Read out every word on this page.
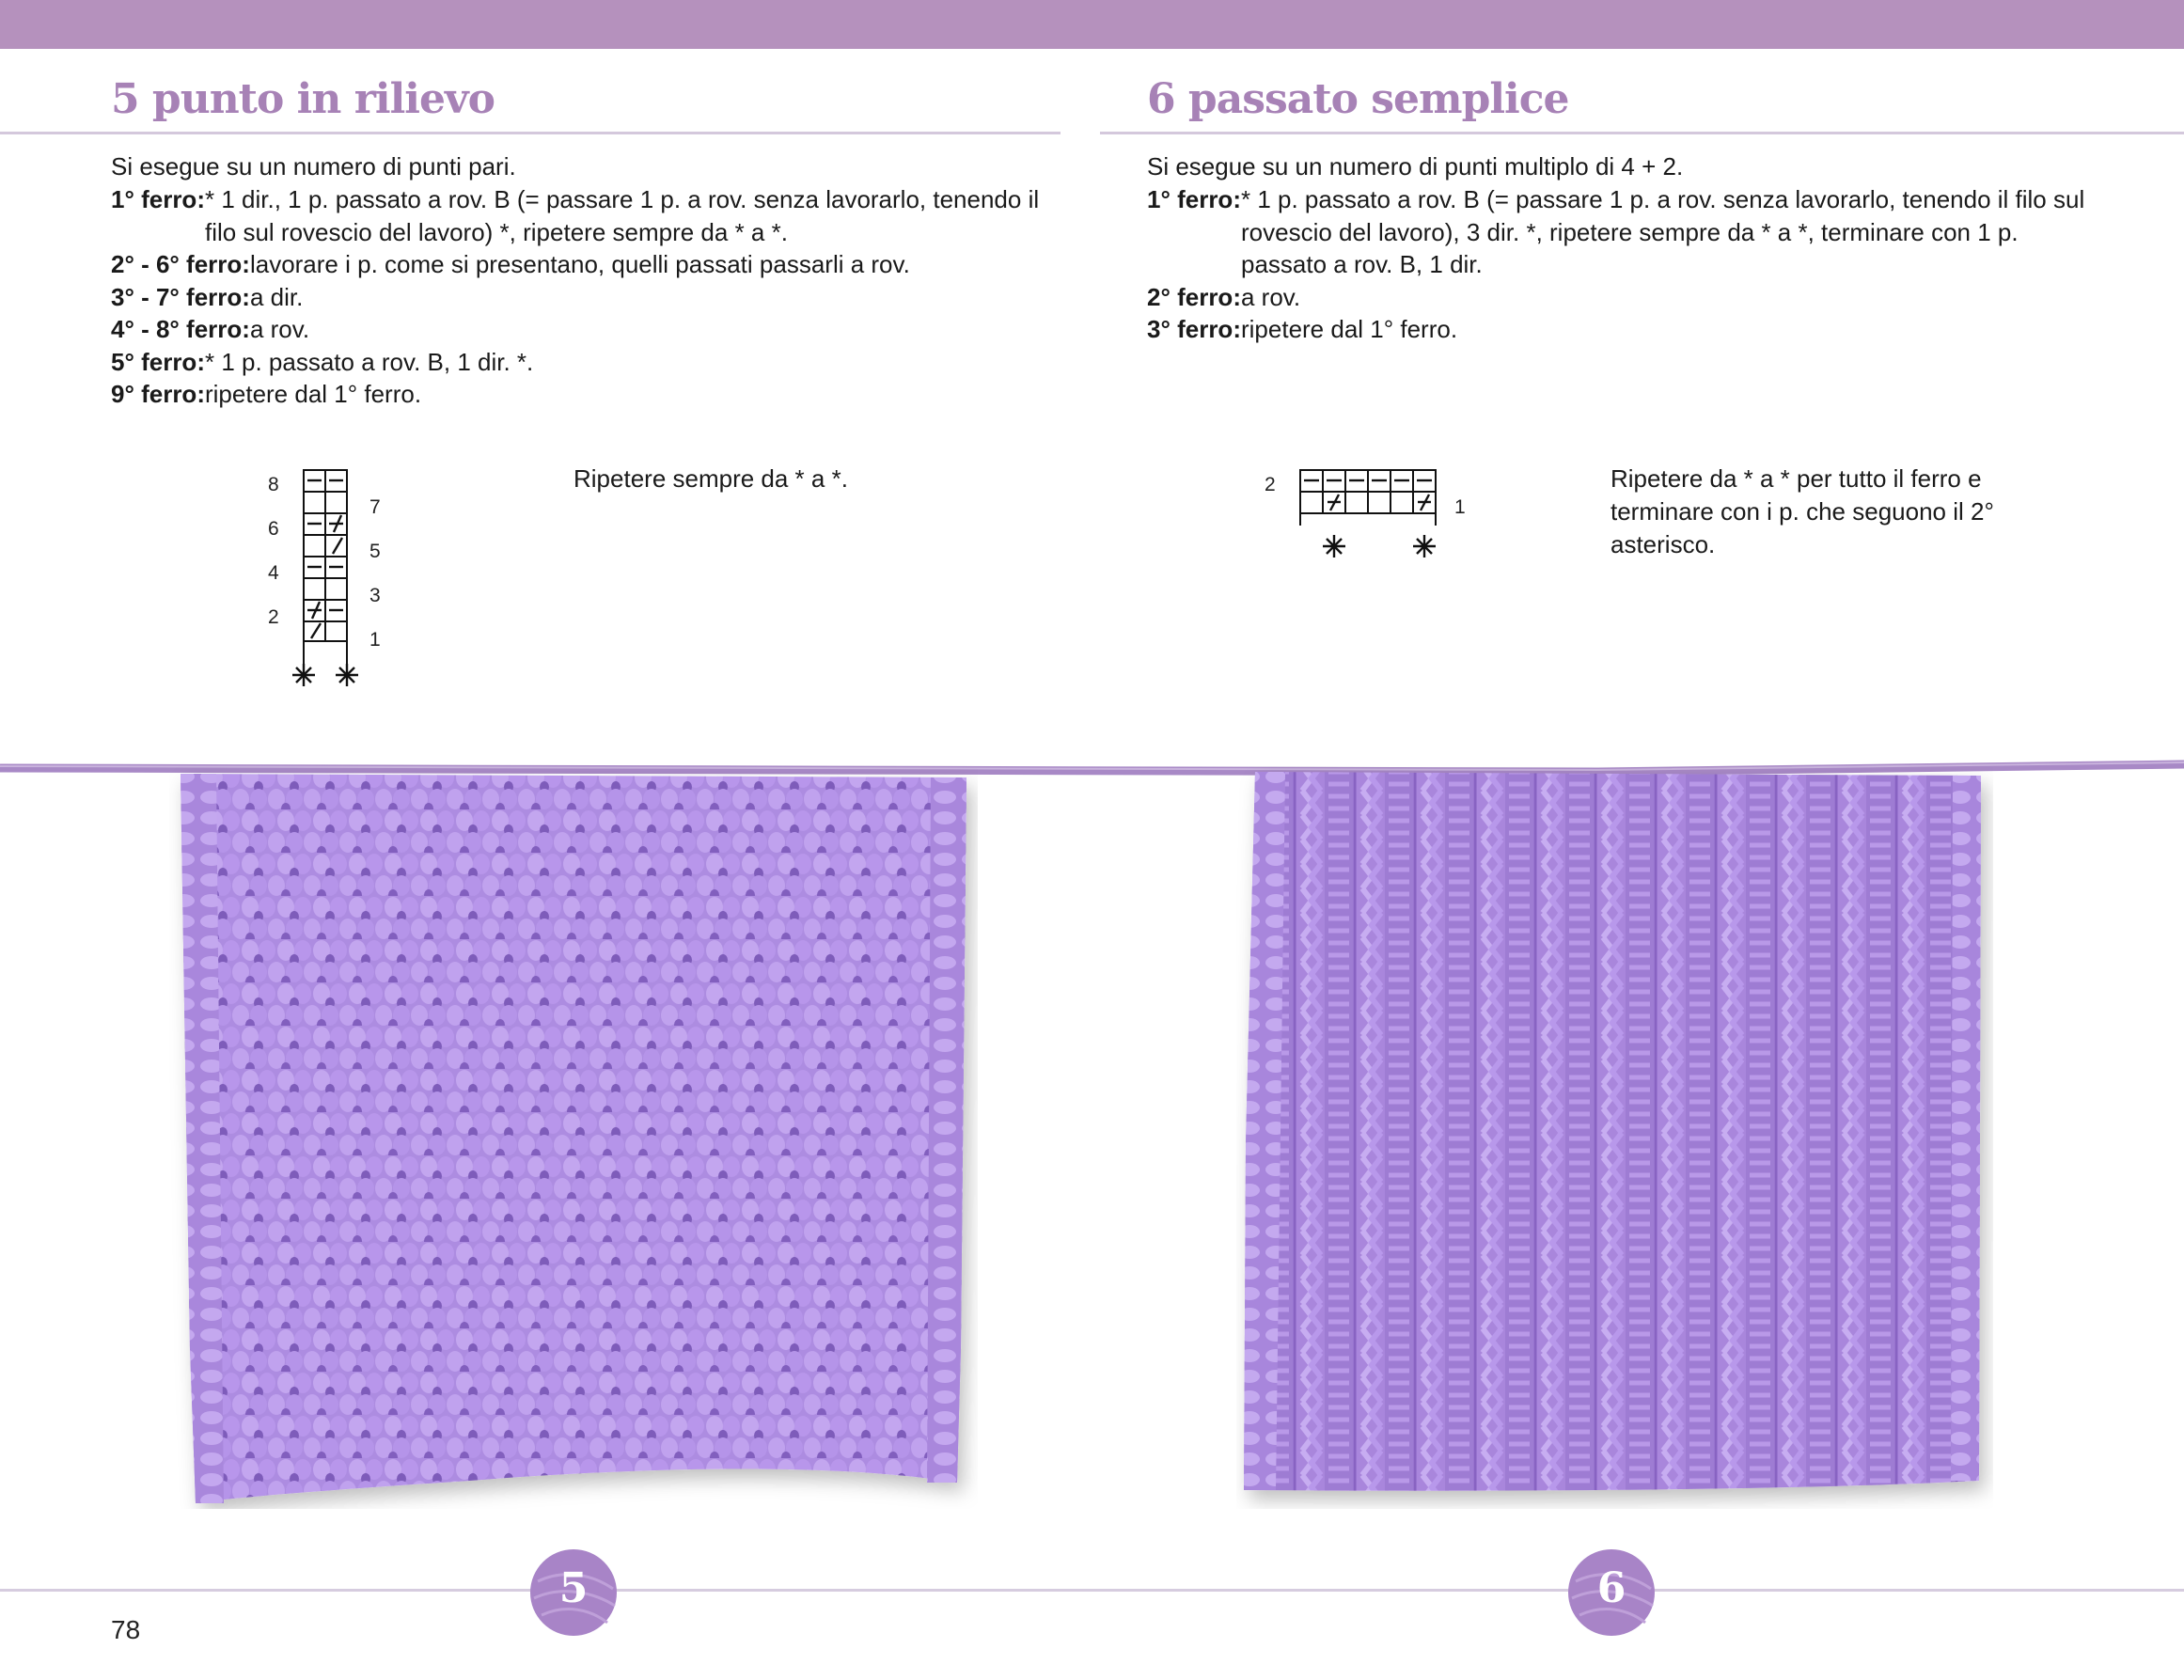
5 punto in rilievo

Si esegue su un numero di punti pari.

1° ferro: * 1 dir., 1 p. passato a rov. B (= passare 1 p. a rov. senza lavorarlo, tenendo il filo sul rovescio del lavoro) *, ripetere sempre da * a *.
2° - 6° ferro: lavorare i p. come si presentano, quelli passati passarli a rov.
3° - 7° ferro: a dir.
4° - 8° ferro: a rov.
5° ferro: * 1 p. passato a rov. B, 1 dir. *.
9° ferro: ripetere dal 1° ferro.
8
6
4
2
7
5
3
1

Ripetere sempre da * a *.

6 passato semplice

Si esegue su un numero di punti multiplo di 4 + 2.

1° ferro: * 1 p. passato a rov. B (= passare 1 p. a rov. senza lavorarlo, tenendo il filo sul rovescio del lavoro), 3 dir. *, ripetere sempre da * a *, terminare con 1 p. passato a rov. B, 1 dir.
2° ferro: a rov.
3° ferro: ripetere dal 1° ferro.
2
1

Ripetere da * a * per tutto il ferro e terminare con i p. che seguono il 2° asterisco.

5	6
78
